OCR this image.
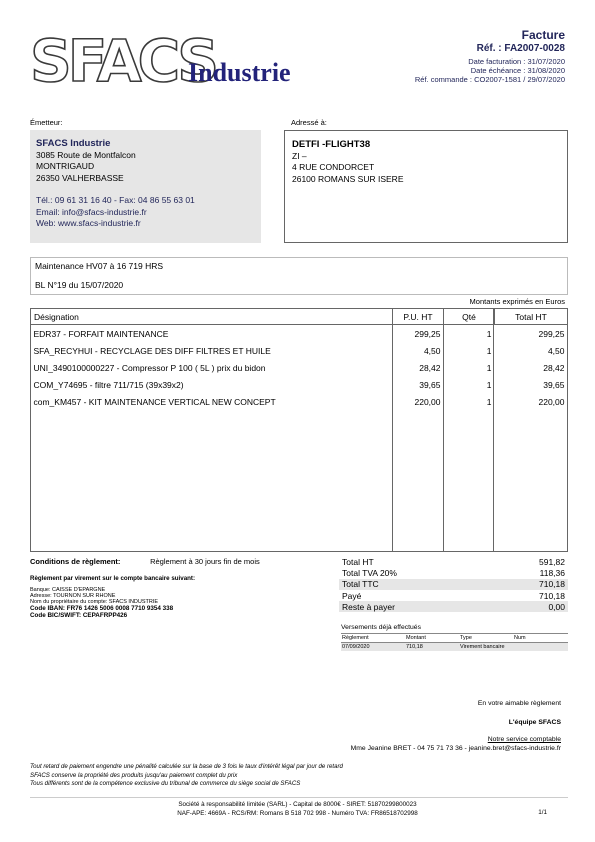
SFACS
Industrie
Facture
Réf. : FA2007-0028
Date facturation : 31/07/2020
Date échéance : 31/08/2020
Réf. commande : CO2007-1581 / 29/07/2020
Émetteur:
SFACS Industrie
3085 Route de Montfalcon
MONTRIGAUD
26350 VALHERBASSE
Tél.: 09 61 31 16 40 - Fax: 04 86 55 63 01
Email: info@sfacs-industrie.fr
Web: www.sfacs-industrie.fr
Adressé à:
DETFI -FLIGHT38
ZI –
4 RUE CONDORCET
26100 ROMANS SUR ISERE
Maintenance HV07 à 16 719 HRS
BL N°19 du 15/07/2020
Montants exprimés en Euros
Désignation	P.U. HT	Qté	Total HT
EDR37 - FORFAIT MAINTENANCE	299,25	1	299,25
SFA_RECYHUI - RECYCLAGE DES DIFF FILTRES ET HUILE	4,50	1	4,50
UNI_3490100000227 - Compressor P 100 ( 5L ) prix du bidon	28,42	1	28,42
COM_Y74695 - filtre 711/715 (39x39x2)	39,65	1	39,65
com_KM457 - KIT MAINTENANCE VERTICAL NEW CONCEPT	220,00	1	220,00
Conditions de règlement:	Règlement à 30 jours fin de mois
Règlement par virement sur le compte bancaire suivant:
Banque: CAISSE D'EPARGNE
Adresse: TOURNON SUR RHONE
Nom du propriétaire du compte: SFACS INDUSTRIE
Code IBAN: FR76 1426 5006 0008 7710 9354 338
Code BIC/SWIFT: CEPAFRPP426
Total HT	591,82
Total TVA 20%	118,36
Total TTC	710,18
Payé	710,18
Reste à payer	0,00
Versements déjà effectués
Règlement	Montant	Type	Num
07/09/2020	710,18	Virement bancaire	
En votre aimable règlement
L'équipe SFACS
Notre service comptable
Mme Jeanine BRET - 04 75 71 73 36 - jeanine.bret@sfacs-industrie.fr
Tout retard de paiement engendre une pénalité calculée sur la base de 3 fois le taux d'intérêt légal par jour de retard
SFACS conserve la propriété des produits jusqu'au paiement complet du prix
Tous différents sont de la compétence exclusive du tribunal de commerce du siège social de SFACS
Société à responsabilité limitée (SARL) - Capital de 8000€ - SIRET: 51870299800023
NAF-APE: 4669A - RCS/RM: Romans B 518 702 998 - Numéro TVA: FR86518702998	1/1
